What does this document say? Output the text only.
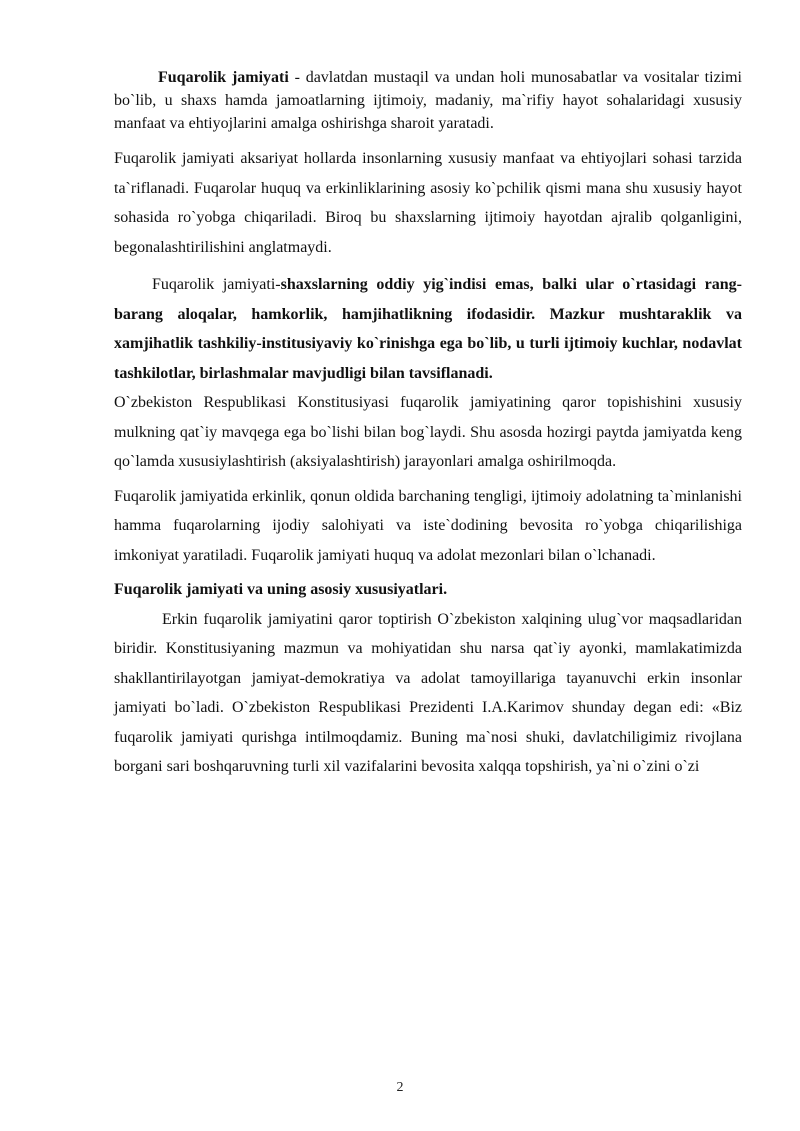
Fuqarolik jamiyati - davlatdan mustaqil va undan holi munosabatlar va vositalar tizimi bo`lib, u shaxs hamda jamoatlarning ijtimoiy, madaniy, ma`rifiy hayot sohalaridagi xususiy manfaat va ehtiyojlarini amalga oshirishga sharoit yaratadi.

Fuqarolik jamiyati aksariyat hollarda insonlarning xususiy manfaat va ehtiyojlari sohasi tarzida ta`riflanadi. Fuqarolar huquq va erkinliklarining asosiy ko`pchilik qismi mana shu xususiy hayot sohasida ro`yobga chiqariladi. Biroq bu shaxslarning ijtimoiy hayotdan ajralib qolganligini, begonalashtirilishini anglatmaydi.

Fuqarolik jamiyati-shaxslarning oddiy yig`indisi emas, balki ular o`rtasidagi rang-barang aloqalar, hamkorlik, hamjihatlikning ifodasidir. Mazkur mushtaraklik va xamjihatlik tashkiliy-institusiyaviy ko`rinishga ega bo`lib, u turli ijtimoiy kuchlar, nodavlat tashkilotlar, birlashmalar mavjudligi bilan tavsiflanadi.

O`zbekiston Respublikasi Konstitusiyasi fuqarolik jamiyatining qaror topishishini xususiy mulkning qat`iy mavqega ega bo`lishi bilan bog`laydi. Shu asosda hozirgi paytda jamiyatda keng qo`lamda xususiylashtirish (aksiyalashtirish) jarayonlari amalga oshirilmoqda.

Fuqarolik jamiyatida erkinlik, qonun oldida barchaning tengligi, ijtimoiy adolatning ta`minlanishi hamma fuqarolarning ijodiy salohiyati va iste`dodining bevosita ro`yobga chiqarilishiga imkoniyat yaratiladi. Fuqarolik jamiyati huquq va adolat mezonlari bilan o`lchanadi.

Fuqarolik jamiyati va uning asosiy xususiyatlari.

Erkin fuqarolik jamiyatini qaror toptirish O`zbekiston xalqining ulug`vor maqsadlaridan biridir. Konstitusiyaning mazmun va mohiyatidan shu narsa qat`iy ayonki, mamlakatimizda shakllantirilayotgan jamiyat-demokratiya va adolat tamoyillariga tayanuvchi erkin insonlar jamiyati bo`ladi. O`zbekiston Respublikasi Prezidenti I.A.Karimov shunday degan edi: «Biz fuqarolik jamiyati qurishga intilmoqdamiz. Buning ma`nosi shuki, davlatchiligimiz rivojlana borgani sari boshqaruvning turli xil vazifalarini bevosita xalqqa topshirish, ya`ni o`zini o`zi

2
